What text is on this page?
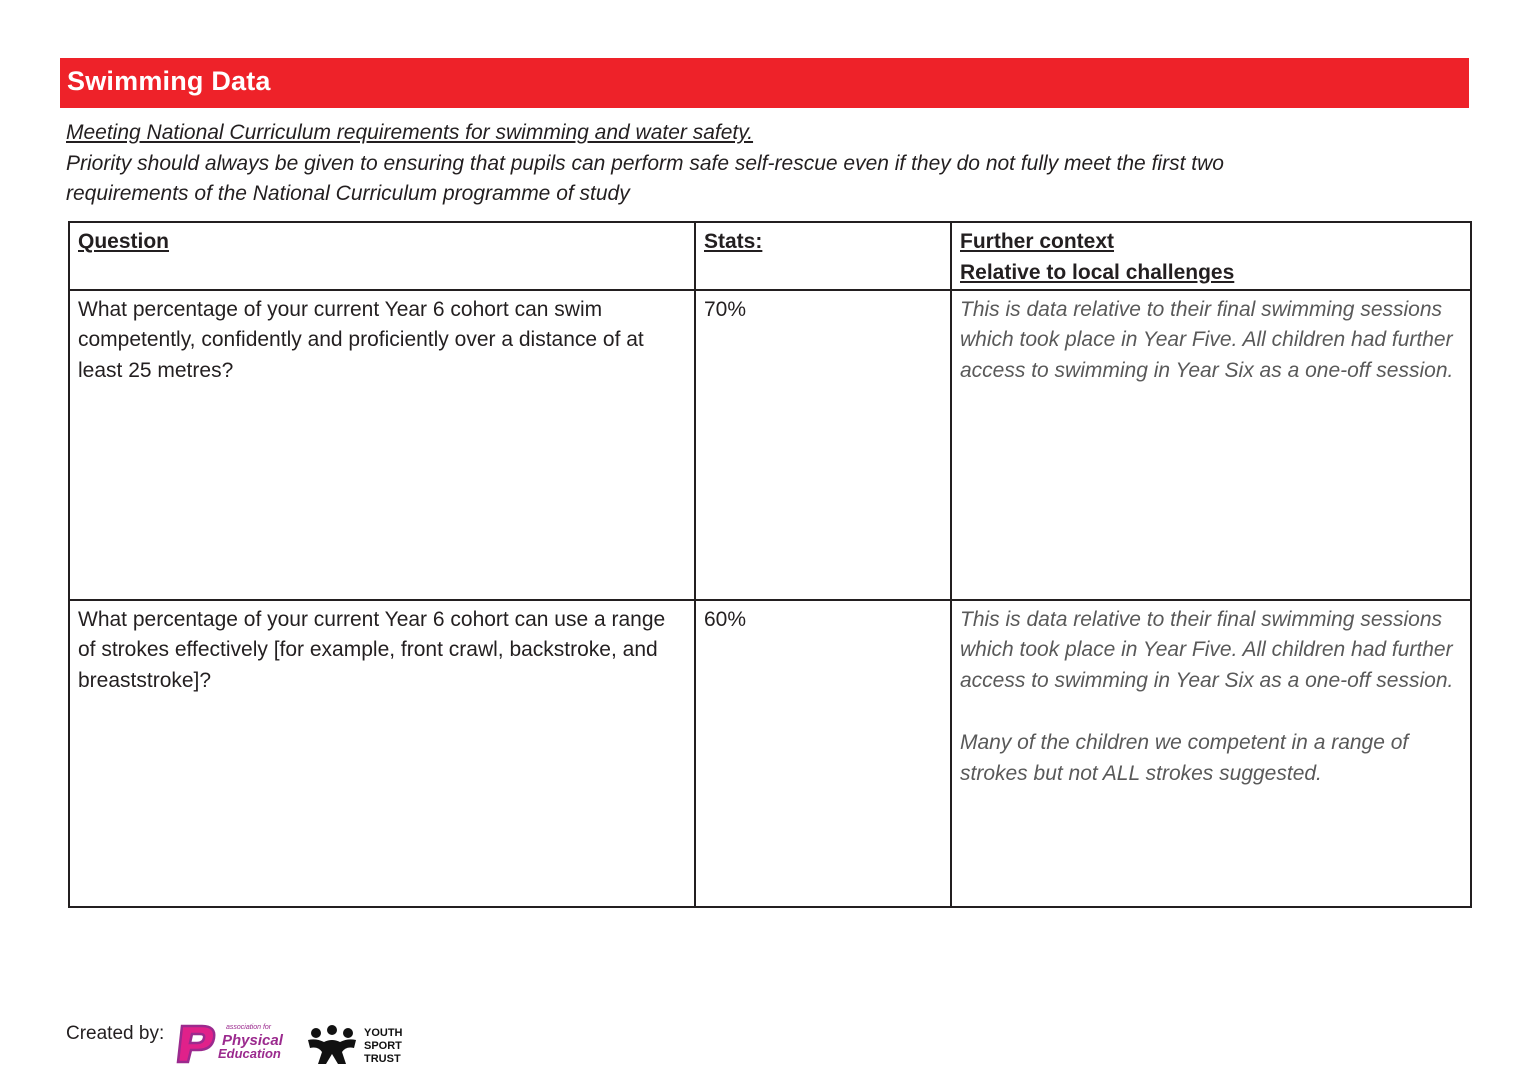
Swimming Data
Meeting National Curriculum requirements for swimming and water safety.
Priority should always be given to ensuring that pupils can perform safe self-rescue even if they do not fully meet the first two
requirements of the National Curriculum programme of study
Question	Stats:	Further context
Relative to local challenges

What percentage of your current Year 6 cohort can swim competently, confidently and proficiently over a distance of at least 25 metres?	70%	This is data relative to their final swimming sessions which took place in Year Five. All children had further access to swimming in Year Six as a one-off session.

What percentage of your current Year 6 cohort can use a range of strokes effectively [for example, front crawl, backstroke, and breaststroke]?	60%	This is data relative to their final swimming sessions which took place in Year Five. All children had further access to swimming in Year Six as a one-off session.
Many of the children we competent in a range of strokes but not ALL strokes suggested.
Created by:	association for
Physical
Education
YOUTH
SPORT
TRUST
